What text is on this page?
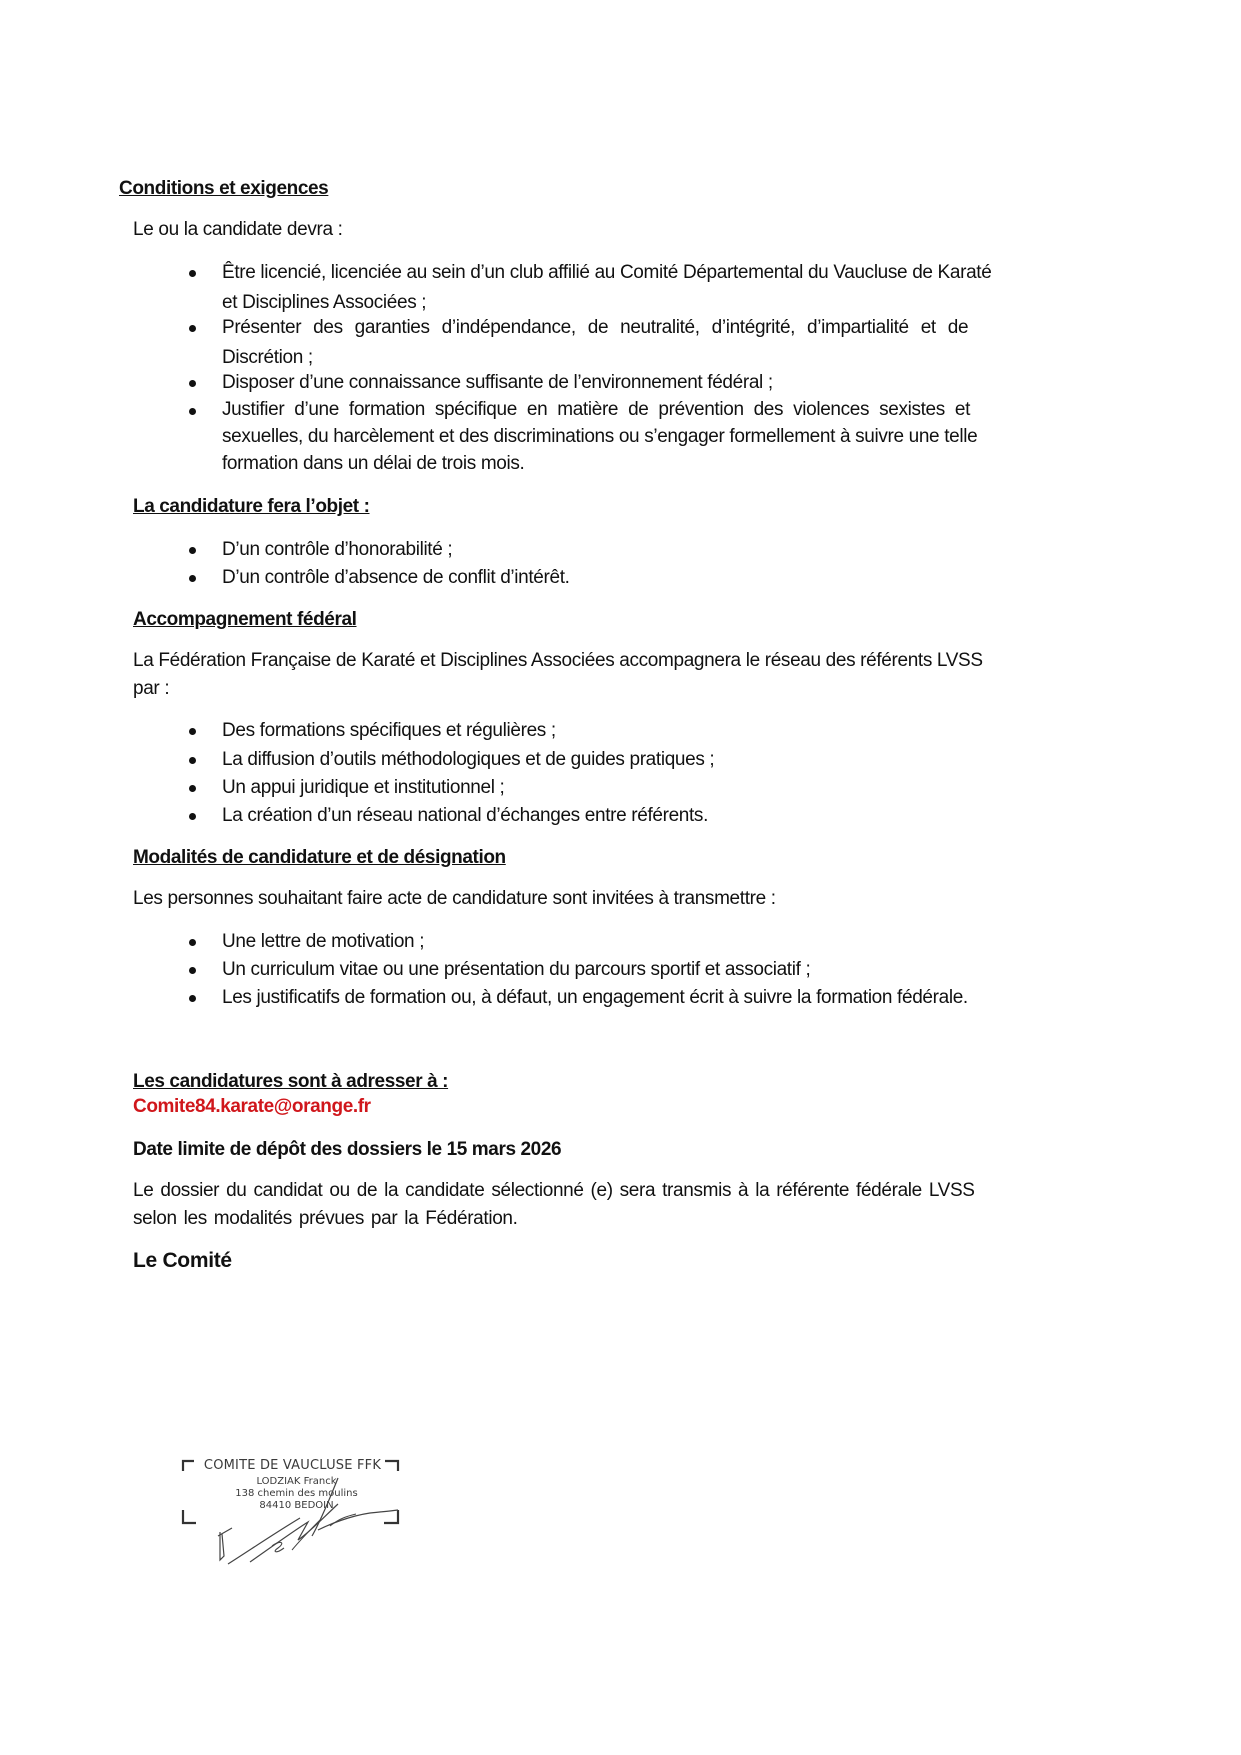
Conditions et exigences
Le ou la candidate devra :
Être licencié, licenciée au sein d’un club affilié au Comité Départemental du Vaucluse de Karaté
et Disciplines Associées ;
Présenter des garanties d’indépendance, de neutralité, d’intégrité, d’impartialité et de
Discrétion ;
Disposer d’une connaissance suffisante de l’environnement fédéral ;
Justifier d’une formation spécifique en matière de prévention des violences sexistes et
sexuelles, du harcèlement et des discriminations ou s’engager formellement à suivre une telle
formation dans un délai de trois mois.
La candidature fera l’objet :
D’un contrôle d’honorabilité ;
D’un contrôle d’absence de conflit d’intérêt.
Accompagnement fédéral
La Fédération Française de Karaté et Disciplines Associées accompagnera le réseau des référents LVSS
par :
Des formations spécifiques et régulières ;
La diffusion d’outils méthodologiques et de guides pratiques ;
Un appui juridique et institutionnel ;
La création d’un réseau national d’échanges entre référents.
Modalités de candidature et de désignation
Les personnes souhaitant faire acte de candidature sont invitées à transmettre :
Une lettre de motivation ;
Un curriculum vitae ou une présentation du parcours sportif et associatif ;
Les justificatifs de formation ou, à défaut, un engagement écrit à suivre la formation fédérale.
Les candidatures sont à adresser à :
Comite84.karate@orange.fr
Date limite de dépôt des dossiers le 15 mars 2026
Le dossier du candidat ou de la candidate sélectionné (e) sera transmis à la référente fédérale LVSS
selon les modalités prévues par la Fédération.
Le Comité
COMITE DE VAUCLUSE FFK
LODZIAK Franck
138 chemin des moulins
84410 BEDOIN
